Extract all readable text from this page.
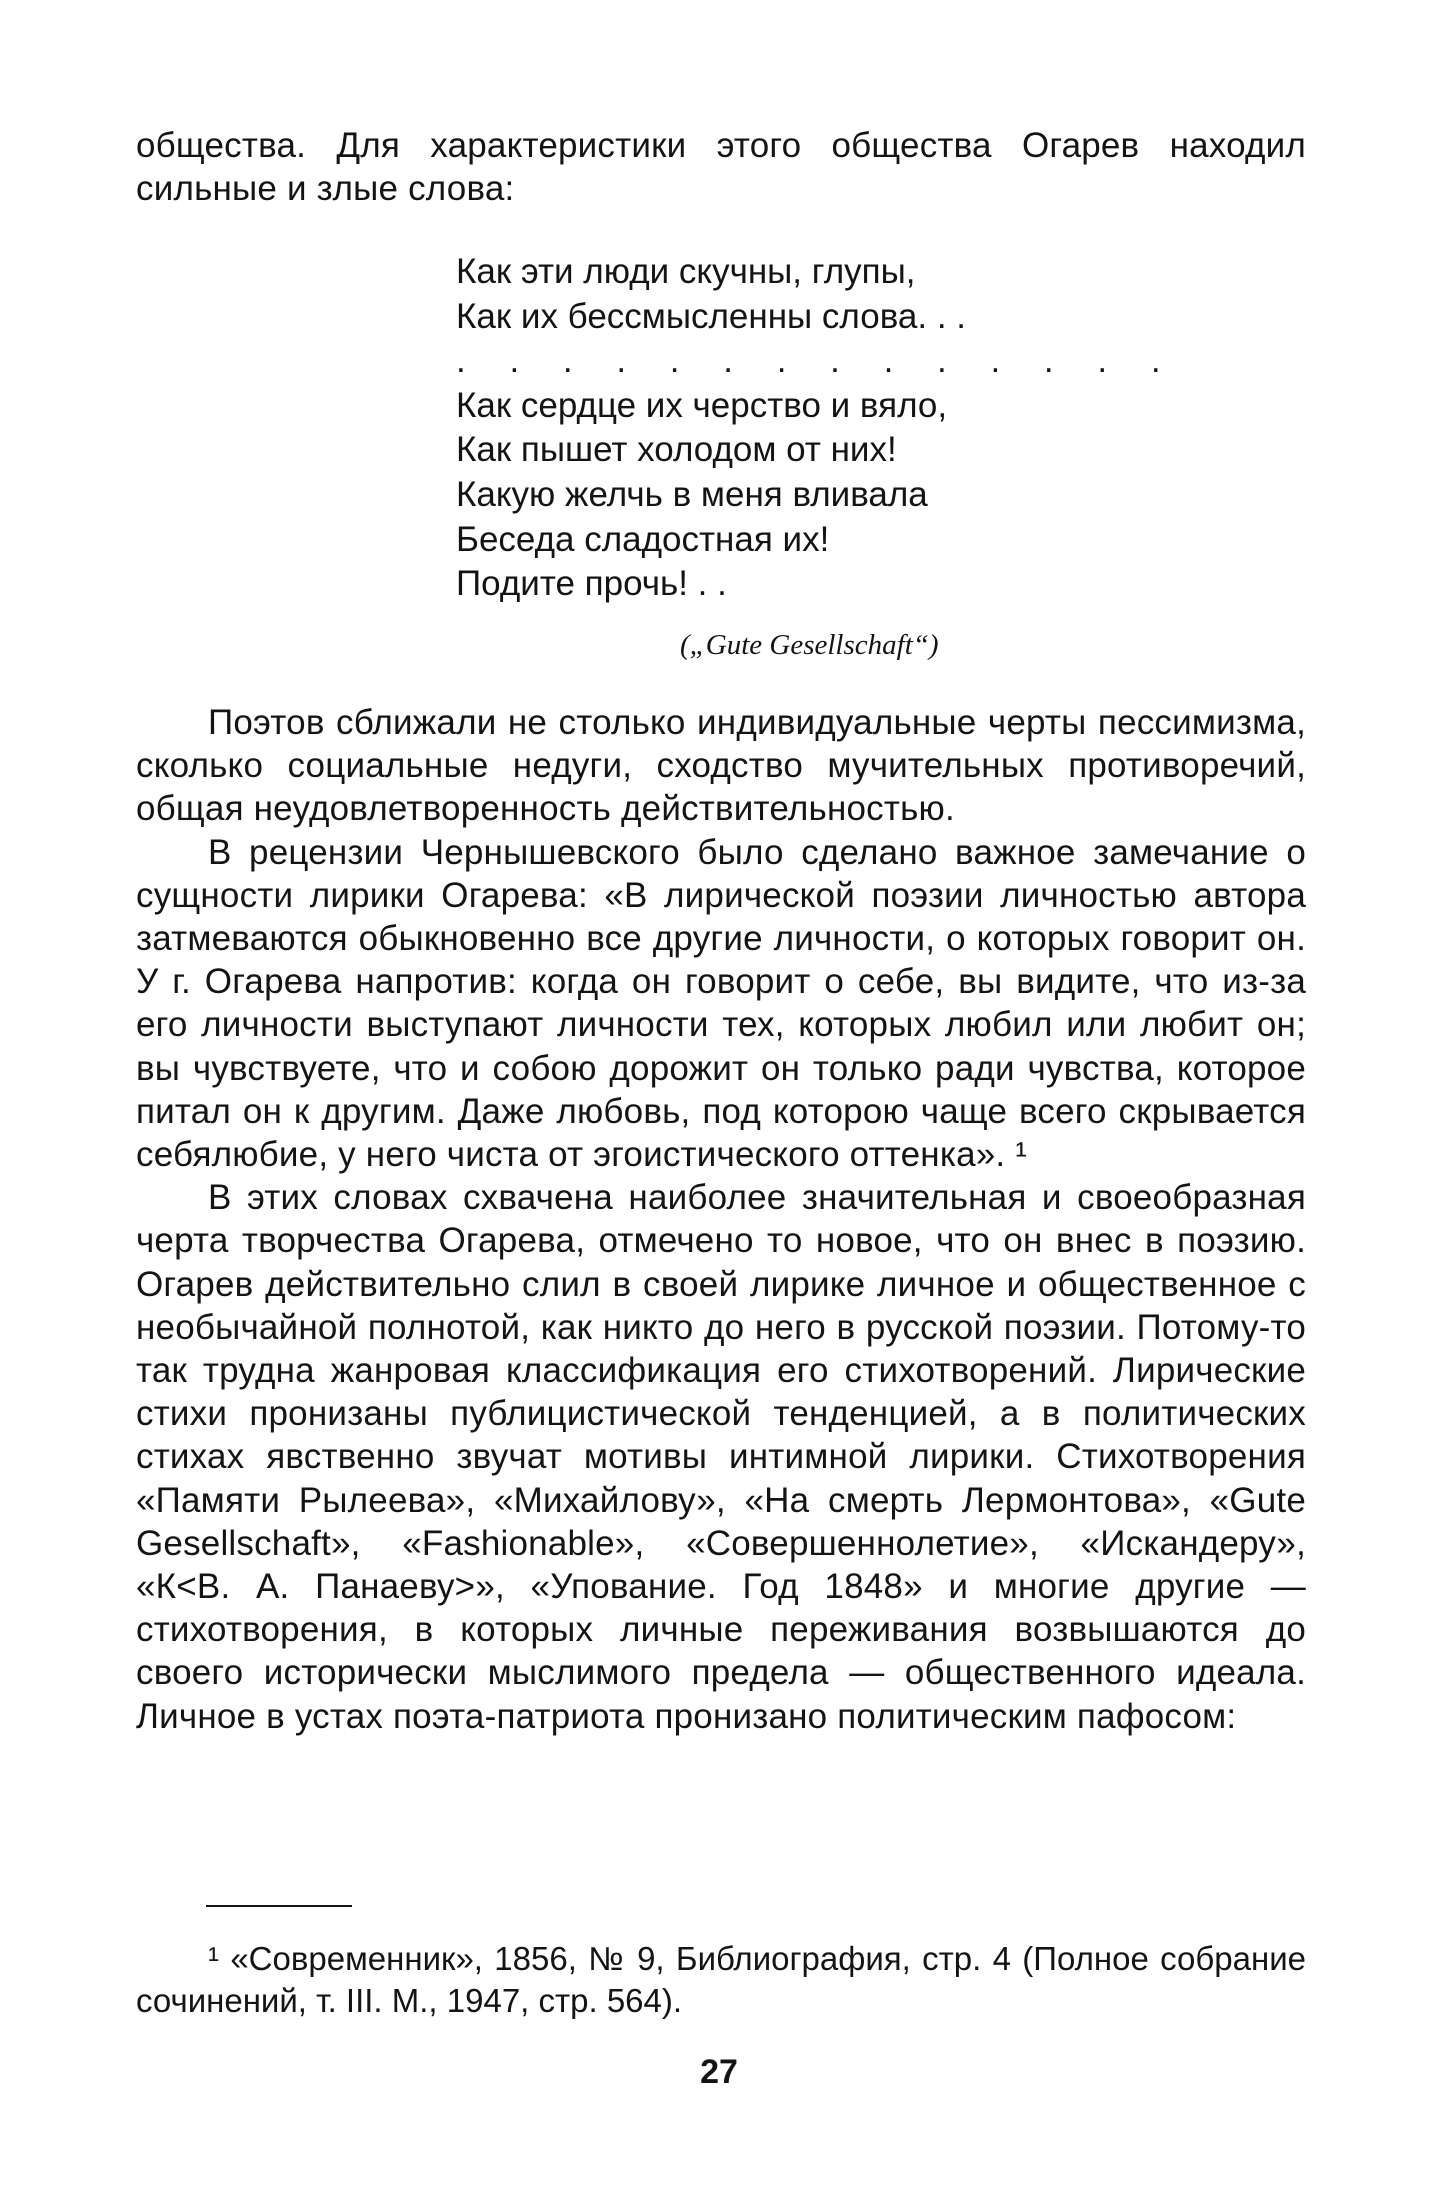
общества. Для характеристики этого общества Огарев находил сильные и злые слова:

Как эти люди скучны, глупы,
Как их бессмысленны слова. . .
. . . . . . . . . . . . . .
Как сердце их черство и вяло,
Как пышет холодом от них!
Какую желчь в меня вливала
Беседа сладостная их!
Подите прочь! . .
(„Gute Gesellschaft“)

Поэтов сближали не столько индивидуальные черты пессимизма, сколько социальные недуги, сходство мучительных противоречий, общая неудовлетворенность действительностью.

В рецензии Чернышевского было сделано важное замечание о сущности лирики Огарева: «В лирической поэзии личностью автора затмеваются обыкновенно все другие личности, о которых говорит он. У г. Огарева напротив: когда он говорит о себе, вы видите, что из-за его личности выступают личности тех, которых любил или любит он; вы чувствуете, что и собою дорожит он только ради чувства, которое питал он к другим. Даже любовь, под которою чаще всего скрывается себялюбие, у него чиста от эгоистического оттенка». ¹

В этих словах схвачена наиболее значительная и своеобразная черта творчества Огарева, отмечено то новое, что он внес в поэзию. Огарев действительно слил в своей лирике личное и общественное с необычайной полнотой, как никто до него в русской поэзии. Потому-то так трудна жанровая классификация его стихотворений. Лирические стихи пронизаны публицистической тенденцией, а в политических стихах явственно звучат мотивы интимной лирики. Стихотворения «Памяти Рылеева», «Михайлову», «На смерть Лермонтова», «Gute Gesellschaft», «Fashionable», «Совершеннолетие», «Искандеру», «К<В. А. Панаеву>», «Упование. Год 1848» и многие другие — стихотворения, в которых личные переживания возвышаются до своего исторически мыслимого предела — общественного идеала. Личное в устах поэта-патриота пронизано политическим пафосом:

¹ «Современник», 1856, № 9, Библиография, стр. 4 (Полное собрание сочинений, т. III. М., 1947, стр. 564).

27
